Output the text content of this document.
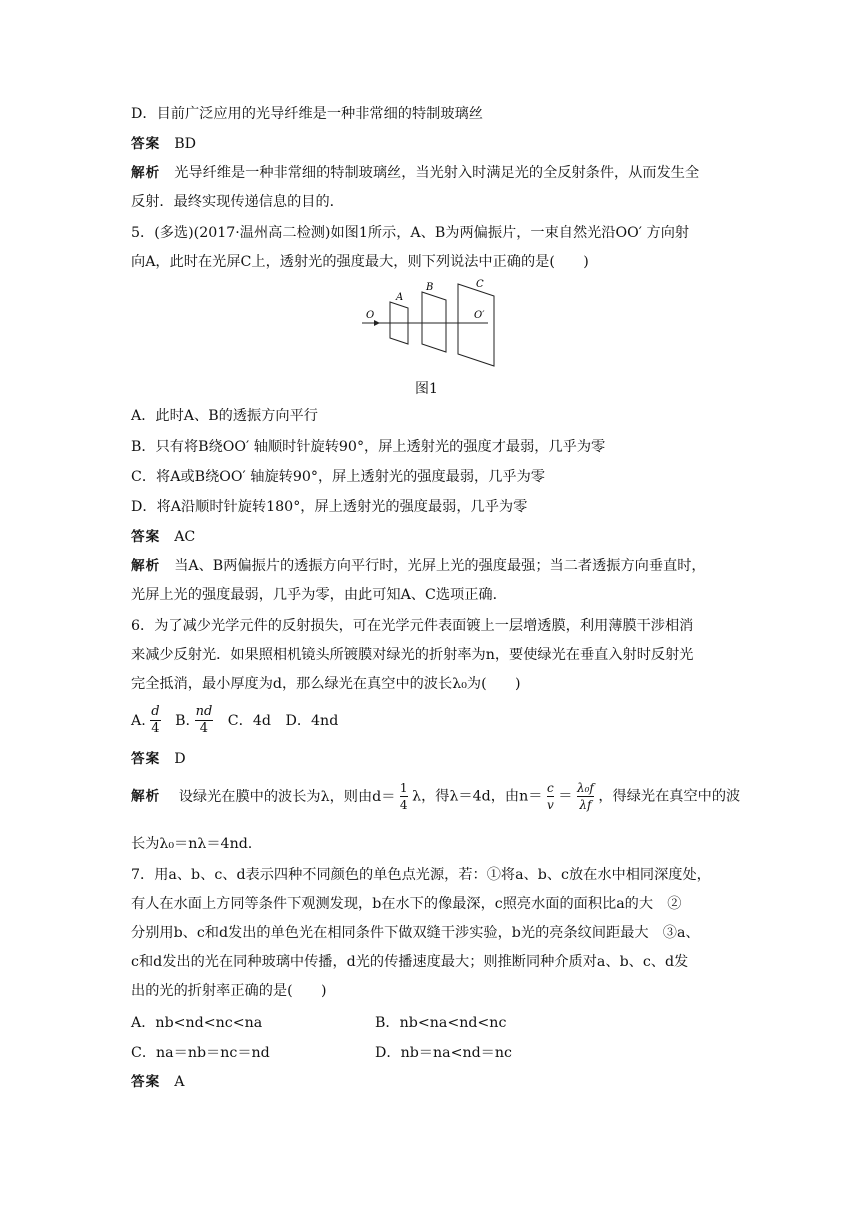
D．目前广泛应用的光导纤维是一种非常细的特制玻璃丝
答案 BD
解析 光导纤维是一种非常细的特制玻璃丝，当光射入时满足光的全反射条件，从而发生全
反射．最终实现传递信息的目的．
5．(多选)(2017·温州高二检测)如图1所示，A、B为两偏振片，一束自然光沿OO′ 方向射
向A，此时在光屏C上，透射光的强度最大，则下列说法中正确的是(　　)
O
A
B	C
O′
图1
A．此时A、B的透振方向平行
B．只有将B绕OO′ 轴顺时针旋转90°，屏上透射光的强度才最弱，几乎为零
C．将A或B绕OO′ 轴旋转90°，屏上透射光的强度最弱，几乎为零
D．将A沿顺时针旋转180°，屏上透射光的强度最弱，几乎为零
答案 AC
解析 当A、B两偏振片的透振方向平行时，光屏上光的强度最强；当二者透振方向垂直时，
光屏上光的强度最弱，几乎为零，由此可知A、C选项正确．
6．为了减少光学元件的反射损失，可在光学元件表面镀上一层增透膜，利用薄膜干涉相消
来减少反射光．如果照相机镜头所镀膜对绿光的折射率为n，要使绿光在垂直入射时反射光
完全抵消，最小厚度为d，那么绿光在真空中的波长λ₀为(　　)
A. $\frac{d}{4} B$. $\frac{nd}{4}$ C．4d D．4nd
答案 D
解析 设绿光在膜中的波长为λ，则由$d= \frac{1}{4}$ λ，得λ＝4d，由$n= \frac{c}{v} = \frac{\text{λ₀f}}{\lambda f}$ ，得绿光在真空中的波
长为λ₀＝nλ＝4nd.
7．用a、b、c、d表示四种不同颜色的单色点光源，若：①将a、b、c放在水中相同深度处，
有人在水面上方同等条件下观测发现，b在水下的像最深，c照亮水面的面积比a的大　②
分别用b、c和d发出的单色光在相同条件下做双缝干涉实验，b光的亮条纹间距最大　③a、
c和d发出的光在同种玻璃中传播，d光的传播速度最大；则推断同种介质对a、b、c、d发
出的光的折射率正确的是(　　)
A．nb<nd<nc<na	B．nb<na<nd<nc
C．na＝nb＝nc＝nd	D．nb＝na<nd＝nc
答案 A
